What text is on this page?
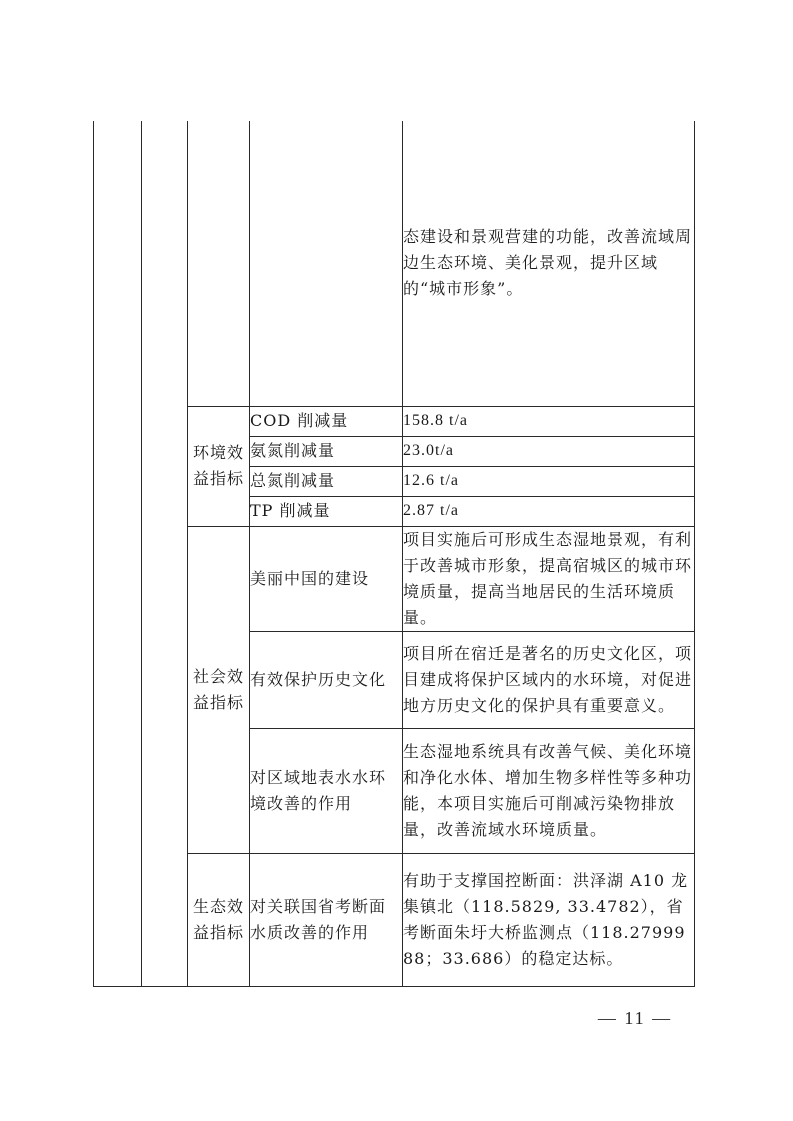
				态建设和景观营建的功能，改善流域周边生态环境、美化景观，提升区域的“城市形象”。
		环境效益指标	COD 削减量	158.8 t/a
			氨氮削减量	23.0t/a
			总氮削减量	12.6 t/a
			TP 削减量	2.87 t/a
		社会效益指标	美丽中国的建设	项目实施后可形成生态湿地景观，有利于改善城市形象，提高宿城区的城市环境质量，提高当地居民的生活环境质量。
			有效保护历史文化	项目所在宿迁是著名的历史文化区，项目建成将保护区域内的水环境，对促进地方历史文化的保护具有重要意义。
			对区域地表水水环境改善的作用	生态湿地系统具有改善气候、美化环境和净化水体、增加生物多样性等多种功能，本项目实施后可削减污染物排放量，改善流域水环境质量。
		生态效益指标	对关联国省考断面水质改善的作用	有助于支撑国控断面：洪泽湖 A10 龙集镇北（118.5829, 33.4782），省考断面朱圩大桥监测点（118.2799988；33.686）的稳定达标。
— 11 —
